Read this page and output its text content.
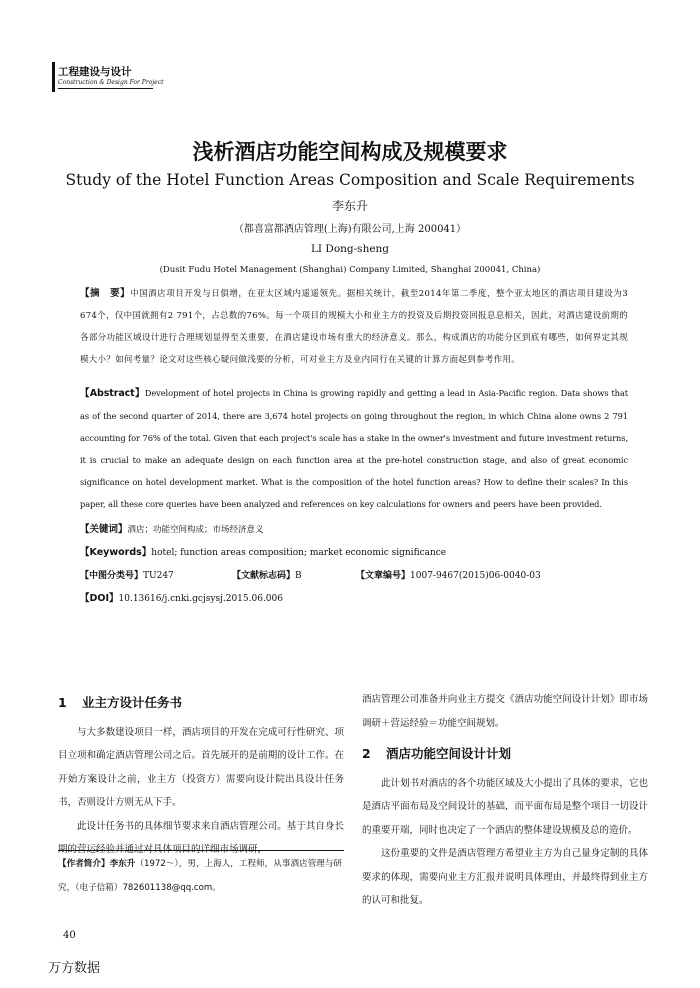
工程建设与设计
Construction & Design For Project
浅析酒店功能空间构成及规模要求
Study of the Hotel Function Areas Composition and Scale Requirements
李东升
（都喜富都酒店管理(上海)有限公司,上海 200041）
LI Dong-sheng
(Dusit Fudu Hotel Management (Shanghai) Company Limited, Shanghai 200041, China)
【摘　要】中国酒店项目开发与日俱增，在亚太区域内遥遥领先。据相关统计，截至2014年第二季度，整个亚太地区的酒店项目建设为3 674个，仅中国就拥有2 791个，占总数的76%。每一个项目的规模大小和业主方的投资及后期投资回报息息相关，因此，对酒店建设前期的各部分功能区域设计进行合理规划显得至关重要，在酒店建设市场有重大的经济意义。那么，构成酒店的功能分区到底有哪些，如何界定其规模大小？如何考量？论文对这些核心疑问做浅要的分析，可对业主方及业内同行在关键的计算方面起到参考作用。
【Abstract】Development of hotel projects in China is growing rapidly and getting a lead in Asia-Pacific region. Data shows that as of the second quarter of 2014, there are 3,674 hotel projects on going throughout the region, in which China alone owns 2 791 accounting for 76% of the total. Given that each project's scale has a stake in the owner's investment and future investment returns, it is crucial to make an adequate design on each function area at the pre-hotel construction stage, and also of great economic significance on hotel development market. What is the composition of the hotel function areas? How to define their scales? In this paper, all these core queries have been analyzed and references on key calculations for owners and peers have been provided.
【关键词】酒店；功能空间构成；市场经济意义
【Keywords】hotel; function areas composition; market economic significance
【中图分类号】TU247	【文献标志码】B	【文章编号】1007-9467(2015)06-0040-03
【DOI】10.13616/j.cnki.gcjsysj.2015.06.006
1 业主方设计任务书

与大多数建设项目一样，酒店项目的开发在完成可行性研究、项目立项和确定酒店管理公司之后。首先展开的是前期的设计工作。在开始方案设计之前，业主方（投资方）需要向设计院出具设计任务书，否则设计方则无从下手。

此设计任务书的具体细节要求来自酒店管理公司。基于其自身长

【作者简介】李东升（1972～），男，上海人，工程师，从事酒店管理与研究，（电子信箱）782601138@qq.com。

酒店管理公司准备并向业主方提交《酒店功能空间设计计划》即市场调研＋营运经验＝功能空间规划。

2 酒店功能空间设计计划

此计划书对酒店的各个功能区域及大小提出了具体的要求，它也是酒店平面布局及空间设计的基础，而平面布局是整个项目一切设计的重要开端，同时也决定了一个酒店的整体建设规模及总的造价。

这份重要的文件是酒店管理方希望业主方为自己量身定制的具体要求的体现，需要向业主方汇报并说明具体理由，并最终得到业主方的认可和批复。

40
万方数据
